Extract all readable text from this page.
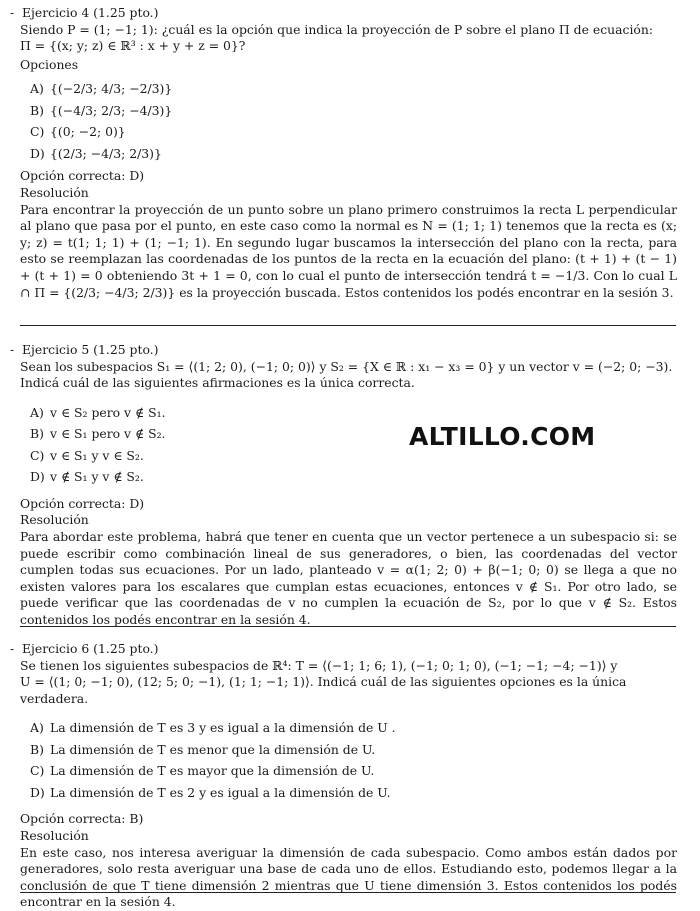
- Ejercicio 4 (1.25 pto.)

Siendo P = (1; −1; 1): ¿cuál es la opción que indica la proyección de P sobre el plano Π de ecuación:

Π = {(x; y; z) ∈ ℝ³ : x + y + z = 0}?

Opciones

A) {(−2/3; 4/3; −2/3)}
B) {(−4/3; 2/3; −4/3)}
C) {(0; −2; 0)}
D) {(2/3; −4/3; 2/3)}

Opción correcta: D)

Resolución

Para encontrar la proyección de un punto sobre un plano primero construimos la recta L perpendicular al plano que pasa por el punto, en este caso como la normal es N = (1; 1; 1) tenemos que la recta es (x; y; z) = t(1; 1; 1) + (1; −1; 1). En segundo lugar buscamos la intersección del plano con la recta, para esto se reemplazan las coordenadas de los puntos de la recta en la ecuación del plano: (t + 1) + (t − 1) + (t + 1) = 0 obteniendo 3t + 1 = 0, con lo cual el punto de intersección tendrá t = −1/3. Con lo cual L ∩ Π = {(2/3; −4/3; 2/3)} es la proyección buscada. Estos contenidos los podés encontrar en la sesión 3.

- Ejercicio 5 (1.25 pto.)

Sean los subespacios S₁ = ⟨(1; 2; 0), (−1; 0; 0)⟩ y S₂ = {X ∈ ℝ : x₁ − x₃ = 0} y un vector v = (−2; 0; −3).

Indicá cuál de las siguientes afirmaciones es la única correcta.

A) v ∈ S₂ pero v ∉ S₁.
B) v ∈ S₁ pero v ∉ S₂.
C) v ∈ S₁ y v ∈ S₂.
D) v ∉ S₁ y v ∉ S₂.

Opción correcta: D)

Resolución

Para abordar este problema, habrá que tener en cuenta que un vector pertenece a un subespacio si: se puede escribir como combinación lineal de sus generadores, o bien, las coordenadas del vector cumplen todas sus ecuaciones. Por un lado, planteado v = α(1; 2; 0) + β(−1; 0; 0) se llega a que no existen valores para los escalares que cumplan estas ecuaciones, entonces v ∉ S₁. Por otro lado, se puede verificar que las coordenadas de v no cumplen la ecuación de S₂, por lo que v ∉ S₂. Estos contenidos los podés encontrar en la sesión 4.

ALTILLO.COM

- Ejercicio 6 (1.25 pto.)

Se tienen los siguientes subespacios de ℝ⁴: T = ⟨(−1; 1; 6; 1), (−1; 0; 1; 0), (−1; −1; −4; −1)⟩ y

U = ⟨(1; 0; −1; 0), (12; 5; 0; −1), (1; 1; −1; 1)⟩. Indicá cuál de las siguientes opciones es la única verdadera.

A) La dimensión de T es 3 y es igual a la dimensión de U .
B) La dimensión de T es menor que la dimensión de U.
C) La dimensión de T es mayor que la dimensión de U.
D) La dimensión de T es 2 y es igual a la dimensión de U.

Opción correcta: B)

Resolución

En este caso, nos interesa averiguar la dimensión de cada subespacio. Como ambos están dados por generadores, solo resta averiguar una base de cada uno de ellos. Estudiando esto, podemos llegar a la conclusión de que T tiene dimensión 2 mientras que U tiene dimensión 3. Estos contenidos los podés encontrar en la sesión 4.
